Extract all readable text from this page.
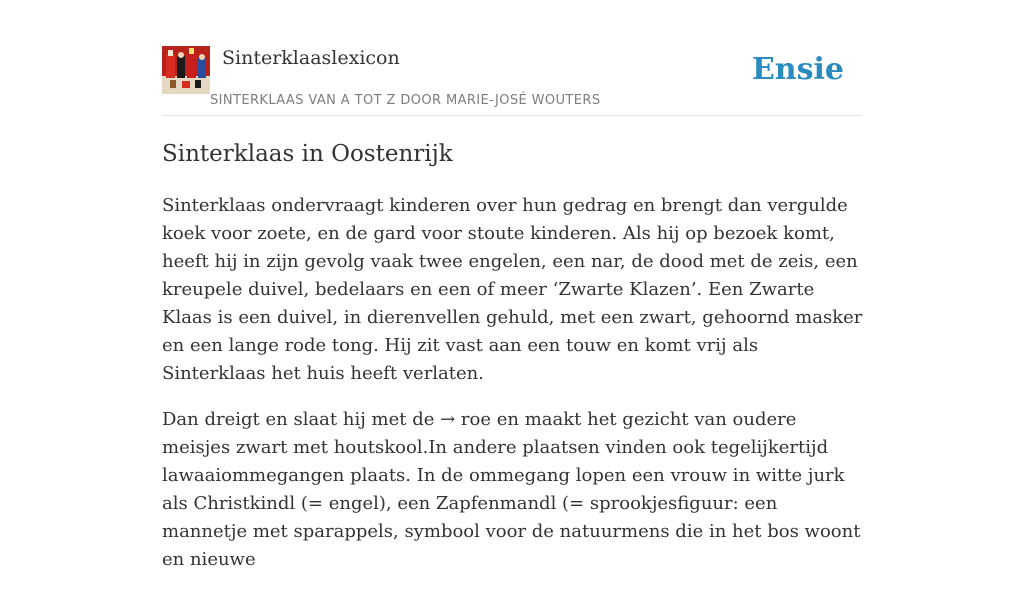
Sinterklaaslexicon
SINTERKLAAS VAN A TOT Z DOOR MARIE-JOSÉ WOUTERS
Ensie
Sinterklaas in Oostenrijk

Sinterklaas ondervraagt kinderen over hun gedrag en brengt dan vergulde koek voor zoete, en de gard voor stoute kinderen. Als hij op bezoek komt, heeft hij in zijn gevolg vaak twee engelen, een nar, de dood met de zeis, een kreupele duivel, bedelaars en een of meer ‘Zwarte Klazen’. Een Zwarte Klaas is een duivel, in dierenvellen gehuld, met een zwart, gehoornd masker en een lange rode tong. Hij zit vast aan een touw en komt vrij als Sinterklaas het huis heeft verlaten.

Dan dreigt en slaat hij met de → roe en maakt het gezicht van oudere meisjes zwart met houtskool.In andere plaatsen vinden ook tegelijkertijd lawaaiommegangen plaats. In de ommegang lopen een vrouw in witte jurk als Christkindl (= engel), een Zapfenmandl (= sprookjesfiguur: een mannetje met sparappels, symbool voor de natuurmens die in het bos woont en nieuwe
